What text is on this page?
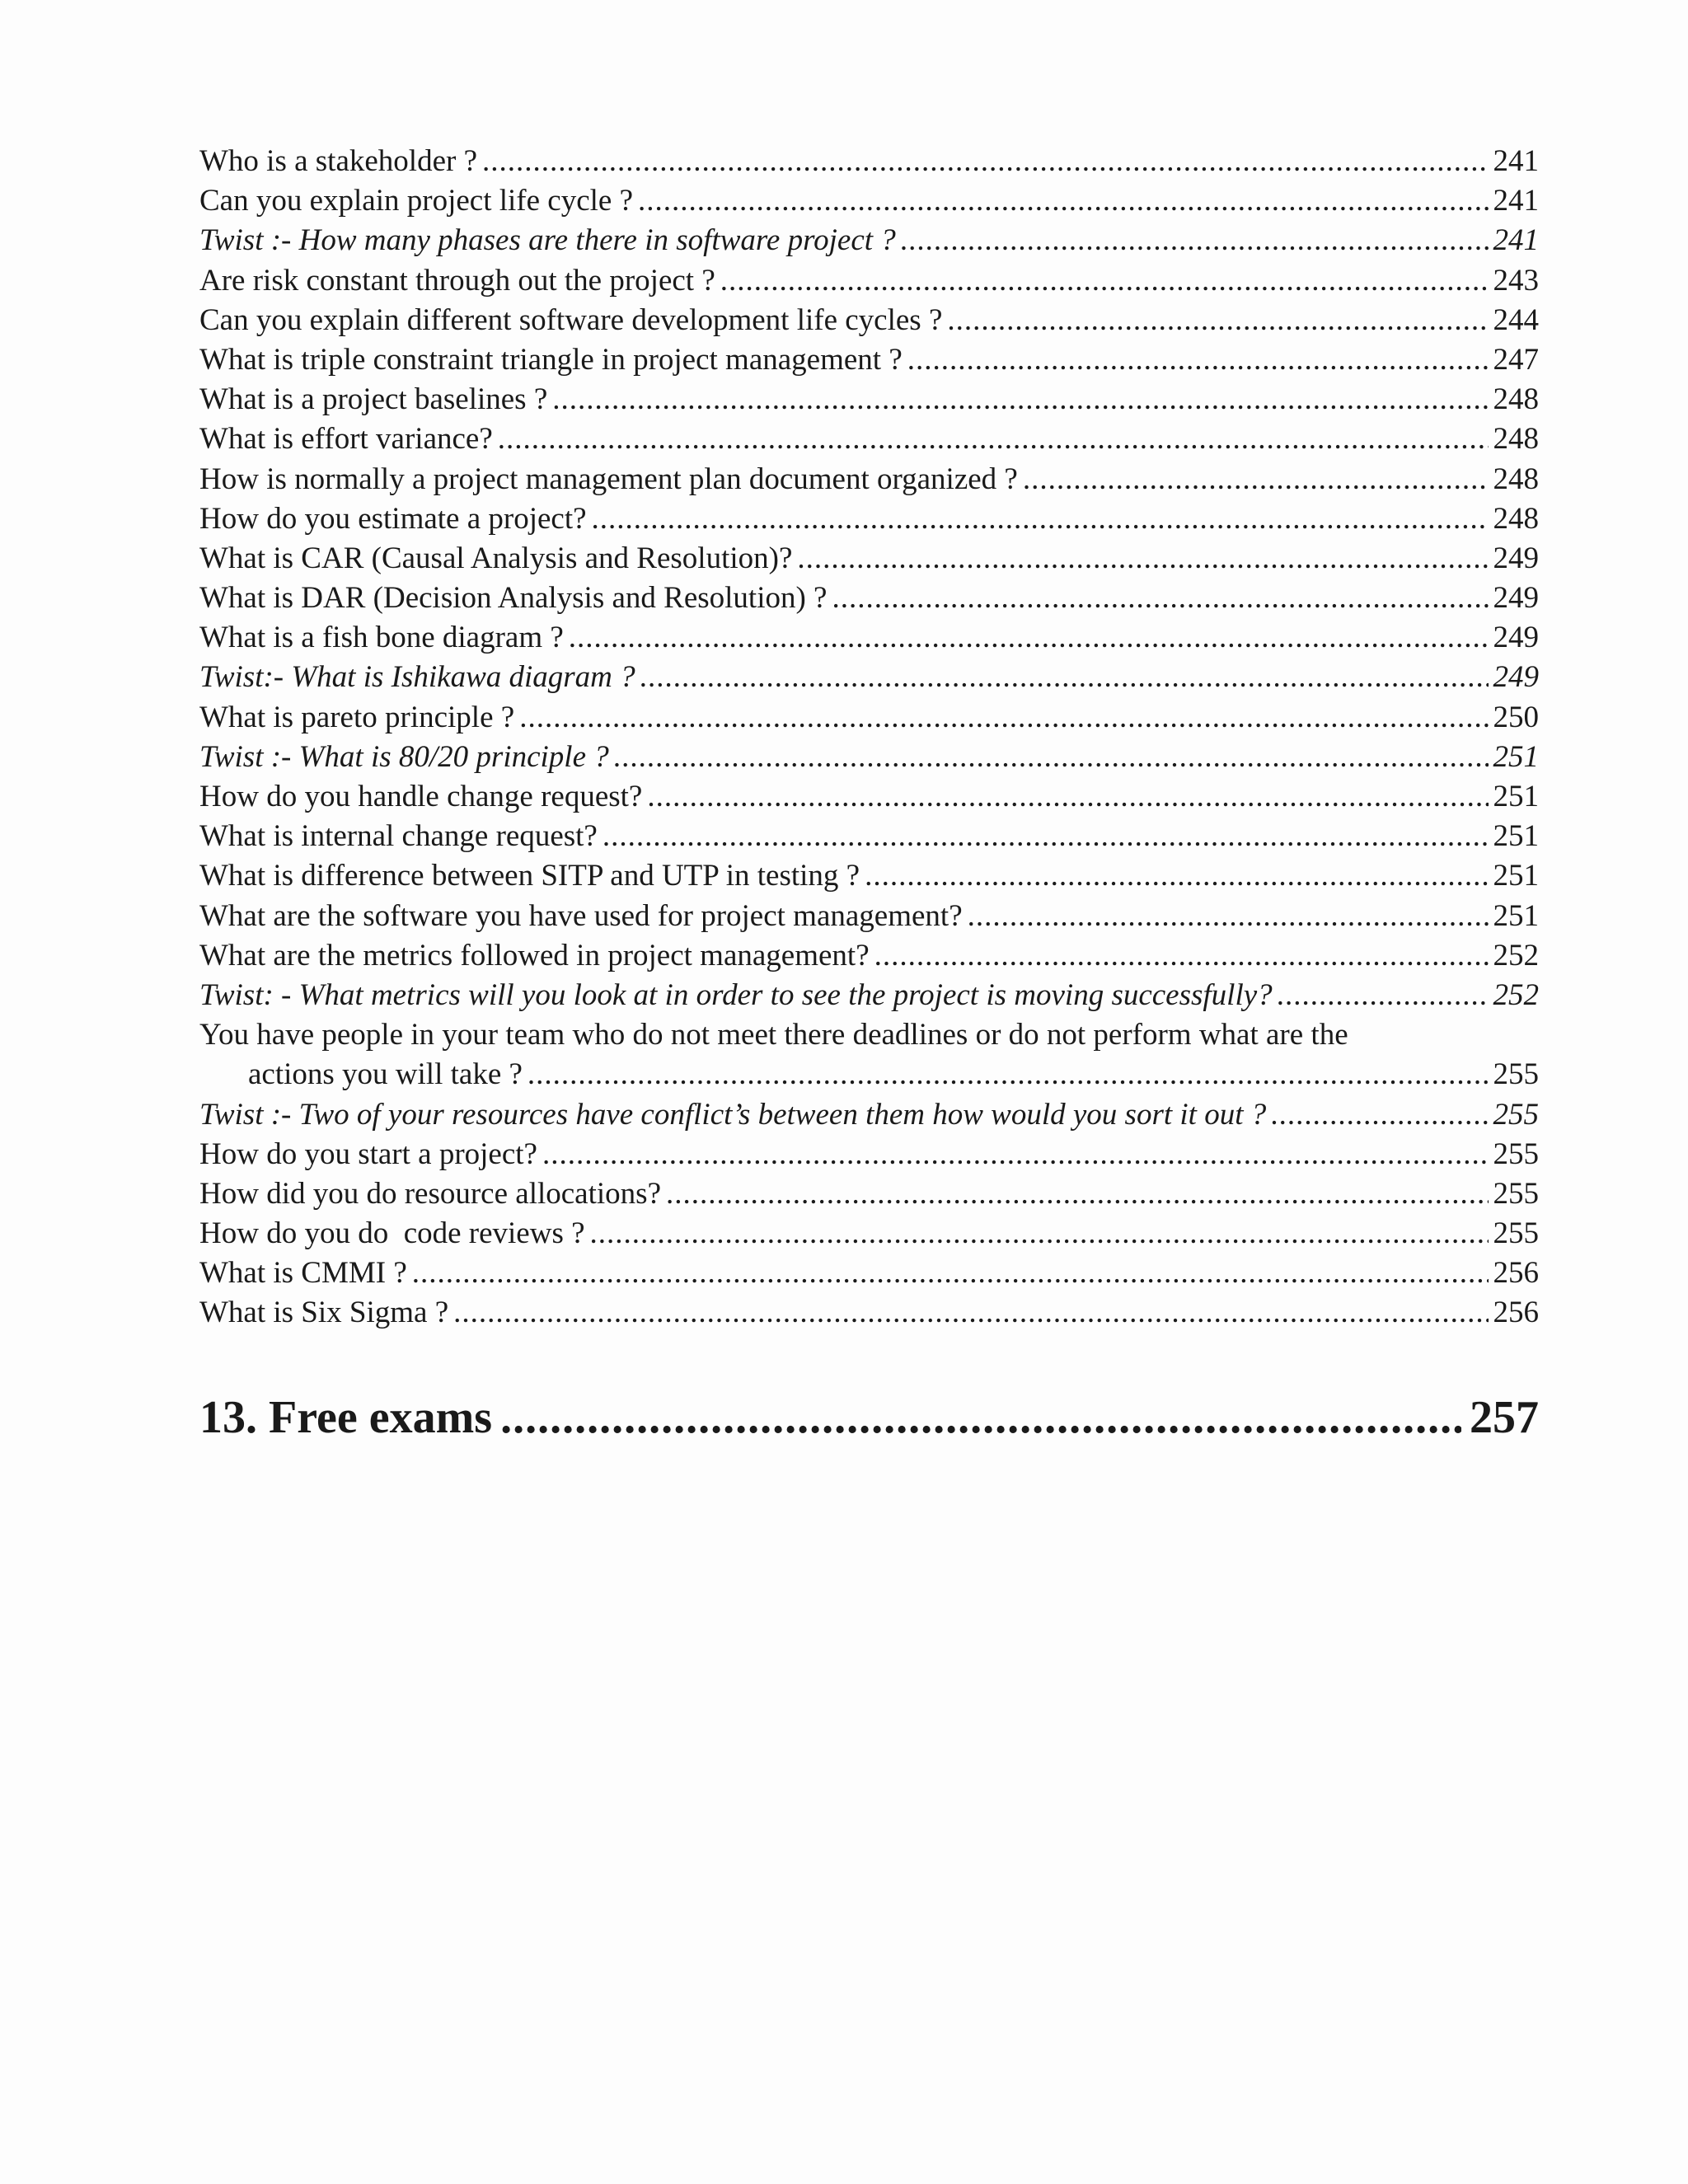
Who is a stakeholder ? .....	241
Can you explain project life cycle ? .....	241
Twist :- How many phases are there in software project ? .....	241
Are risk constant through out the project ? .....	243
Can you explain different software development life cycles ? .....	244
What is triple constraint triangle in project management ? .....	247
What is a project baselines ? .....	248
What is effort variance? .....	248
How is normally a project management plan document organized ? .....	248
How do you estimate a project? .....	248
What is CAR (Causal Analysis and Resolution)? .....	249
What is DAR (Decision Analysis and Resolution) ? .....	249
What is a fish bone diagram ? .....	249
Twist:- What is Ishikawa diagram ? .....	249
What is pareto principle ? .....	250
Twist :- What is 80/20 principle ? .....	251
How do you handle change request? .....	251
What is internal change request? .....	251
What is difference between SITP and UTP in testing ? .....	251
What are the software you have used for project management? .....	251
What are the metrics followed in project management? .....	252
Twist: - What metrics will you look at in order to see the project is moving successfully? .....	252
You have people in your team who do not meet there deadlines or do not perform what are the
actions you will take ? .....	255
Twist :- Two of your resources have conflict’s between them how would you sort it out ? .....	255
How do you start a project? .....	255
How did you do resource allocations? .....	255
How do you do  code reviews ? .....	255
What is CMMI ? .....	256
What is Six Sigma ? .....	256
13. Free exams .....	257
